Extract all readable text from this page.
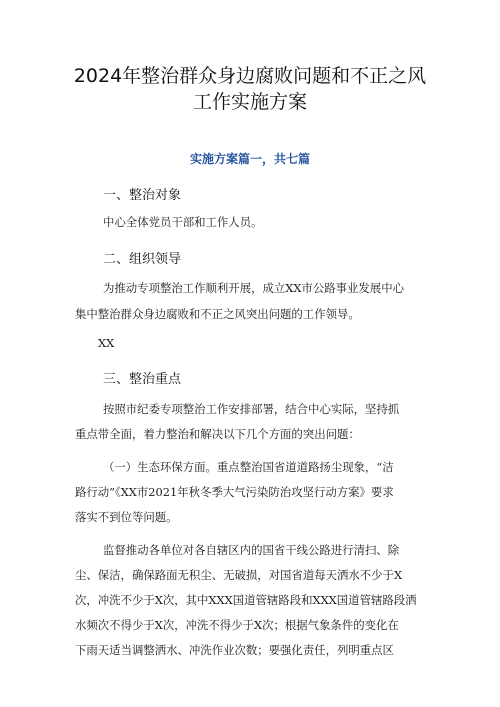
2024年整治群众身边腐败问题和不正之风
工作实施方案
实施方案篇一，共七篇
一、整治对象
中心全体党员干部和工作人员。
二、组织领导
为推动专项整治工作顺利开展，成立XX市公路事业发展中心
集中整治群众身边腐败和不正之风突出问题的工作领导。
XX
三、整治重点
按照市纪委专项整治工作安排部署，结合中心实际，坚持抓
重点带全面，着力整治和解决以下几个方面的突出问题：
（一）生态环保方面。重点整治国省道道路扬尘现象，“洁
路行动”《XX市2021年秋冬季大气污染防治攻坚行动方案》要求
落实不到位等问题。
监督推动各单位对各自辖区内的国省干线公路进行清扫、除
尘、保洁，确保路面无积尘、无破损，对国省道每天洒水不少于X
次，冲洗不少于X次，其中XXX国道管辖路段和XXX国道管辖路段洒
水频次不得少于X次，冲洗不得少于X次；根据气象条件的变化在
下雨天适当调整洒水、冲洗作业次数；要强化责任，列明重点区
